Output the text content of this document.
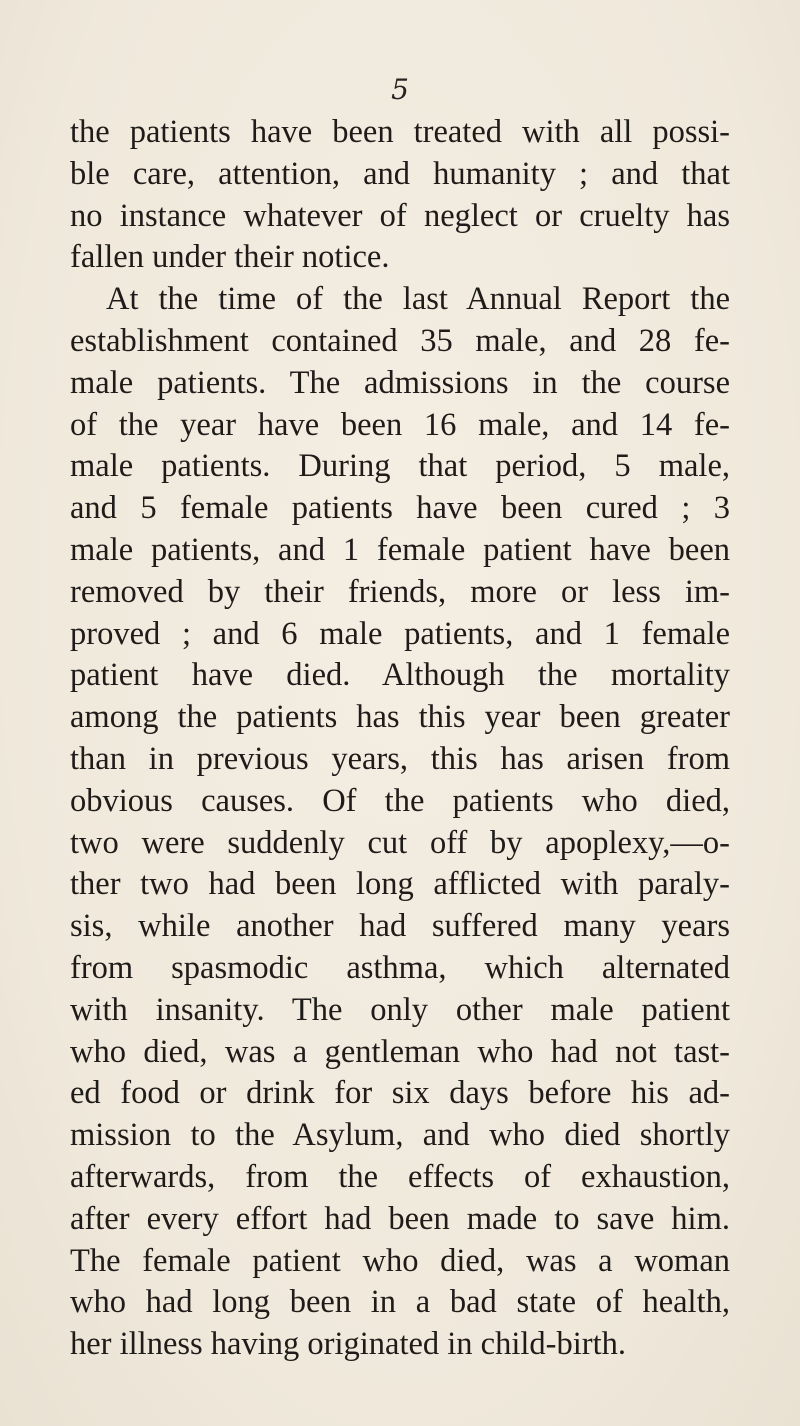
5
the patients have been treated with all possi-
ble care, attention, and humanity ; and that
no instance whatever of neglect or cruelty has
fallen under their notice.
At the time of the last Annual Report the
establishment contained 35 male, and 28 fe-
male patients. The admissions in the course
of the year have been 16 male, and 14 fe-
male patients. During that period, 5 male,
and 5 female patients have been cured ; 3
male patients, and 1 female patient have been
removed by their friends, more or less im-
proved ; and 6 male patients, and 1 female
patient have died. Although the mortality
among the patients has this year been greater
than in previous years, this has arisen from
obvious causes. Of the patients who died,
two were suddenly cut off by apoplexy,—o-
ther two had been long afflicted with paraly-
sis, while another had suffered many years
from spasmodic asthma, which alternated
with insanity. The only other male patient
who died, was a gentleman who had not tast-
ed food or drink for six days before his ad-
mission to the Asylum, and who died shortly
afterwards, from the effects of exhaustion,
after every effort had been made to save him.
The female patient who died, was a woman
who had long been in a bad state of health,
her illness having originated in child-birth.
